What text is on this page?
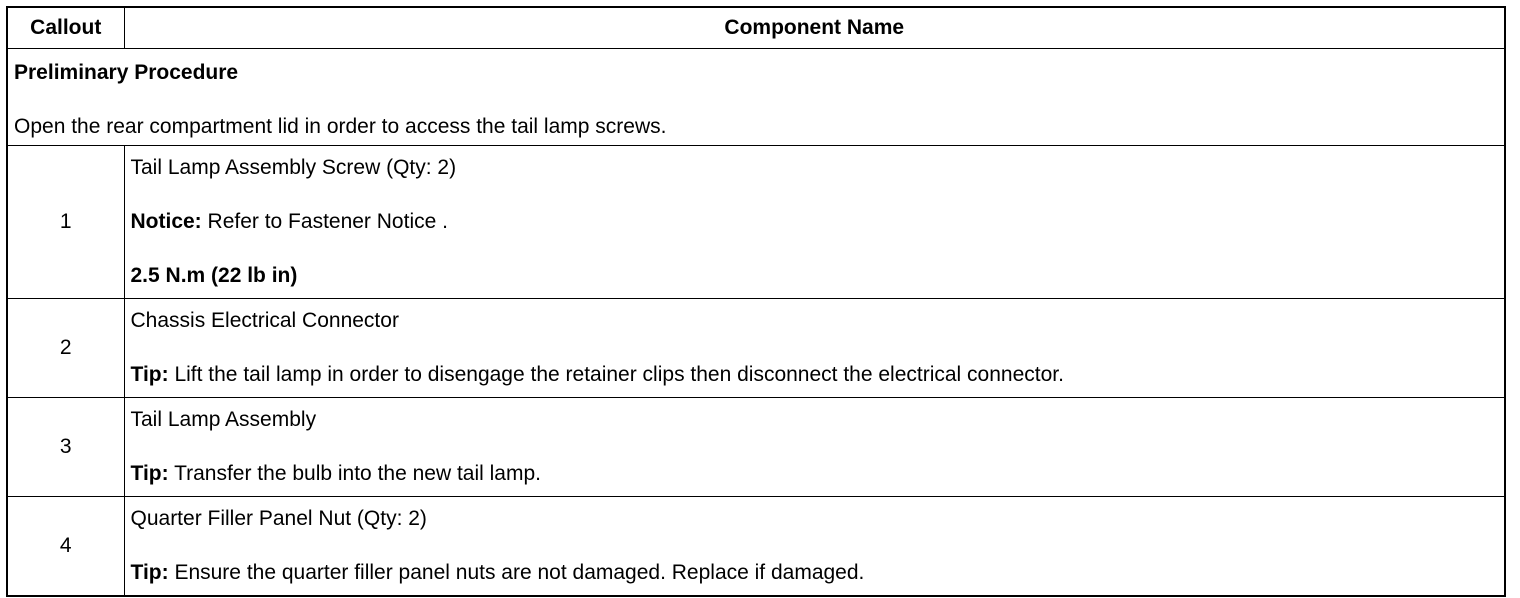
Callout	Component Name

Preliminary Procedure

Open the rear compartment lid in order to access the tail lamp screws.	

1	Tail Lamp Assembly Screw (Qty: 2)

Notice: Refer to Fastener Notice .

2.5 N.m (22 lb in)

2	Chassis Electrical Connector

Tip: Lift the tail lamp in order to disengage the retainer clips then disconnect the electrical connector.

3	Tail Lamp Assembly

Tip: Transfer the bulb into the new tail lamp.

4	Quarter Filler Panel Nut (Qty: 2)

Tip: Ensure the quarter filler panel nuts are not damaged. Replace if damaged.
